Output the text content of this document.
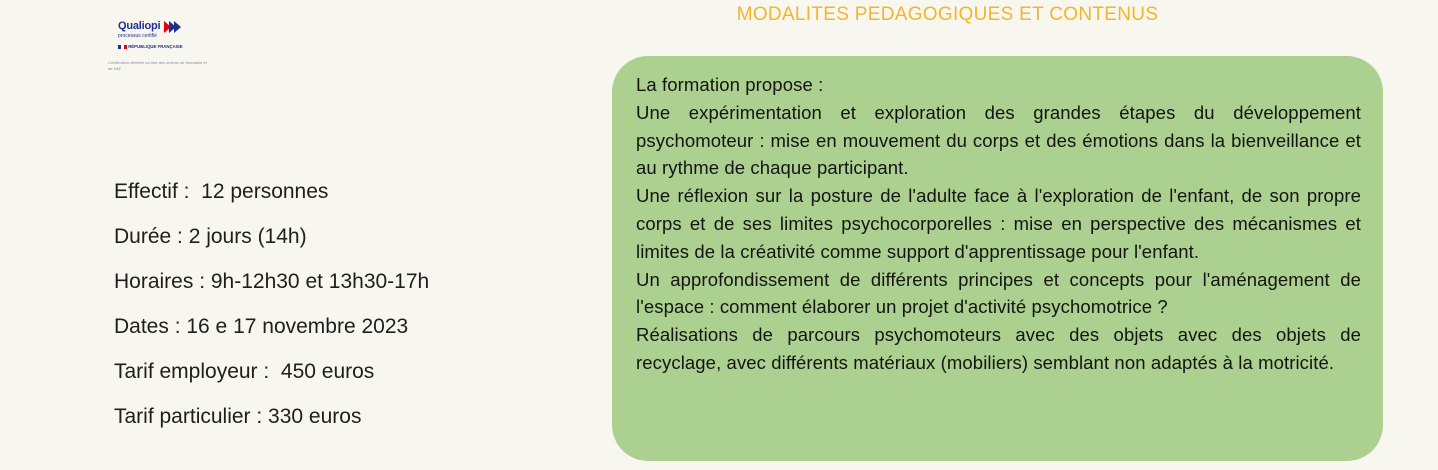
Qualiopi
processus certifié
RÉPUBLIQUE FRANÇAISE
Certification délivrée au titre des actions de formation et de VAE
Effectif :  12 personnes
Durée : 2 jours (14h)
Horaires : 9h-12h30 et 13h30-17h
Dates : 16 e 17 novembre 2023
Tarif employeur :  450 euros
Tarif particulier : 330 euros
MODALITES PEDAGOGIQUES ET CONTENUS

La formation propose :

Une expérimentation et exploration des grandes étapes du développement psychomoteur : mise en mouvement du corps et des émotions dans la bienveillance et au rythme de chaque participant.

Une réflexion sur la posture de l'adulte face à l'exploration de l'enfant, de son propre corps et de ses limites psychocorporelles : mise en perspective des mécanismes et limites de la créativité comme support d'apprentissage pour l'enfant.

Un approfondissement de différents principes et concepts pour l'aménagement de l'espace : comment élaborer un projet d'activité psychomotrice ?

Réalisations de parcours psychomoteurs avec des objets avec des objets de recyclage, avec différents matériaux (mobiliers) semblant non adaptés à la motricité.
